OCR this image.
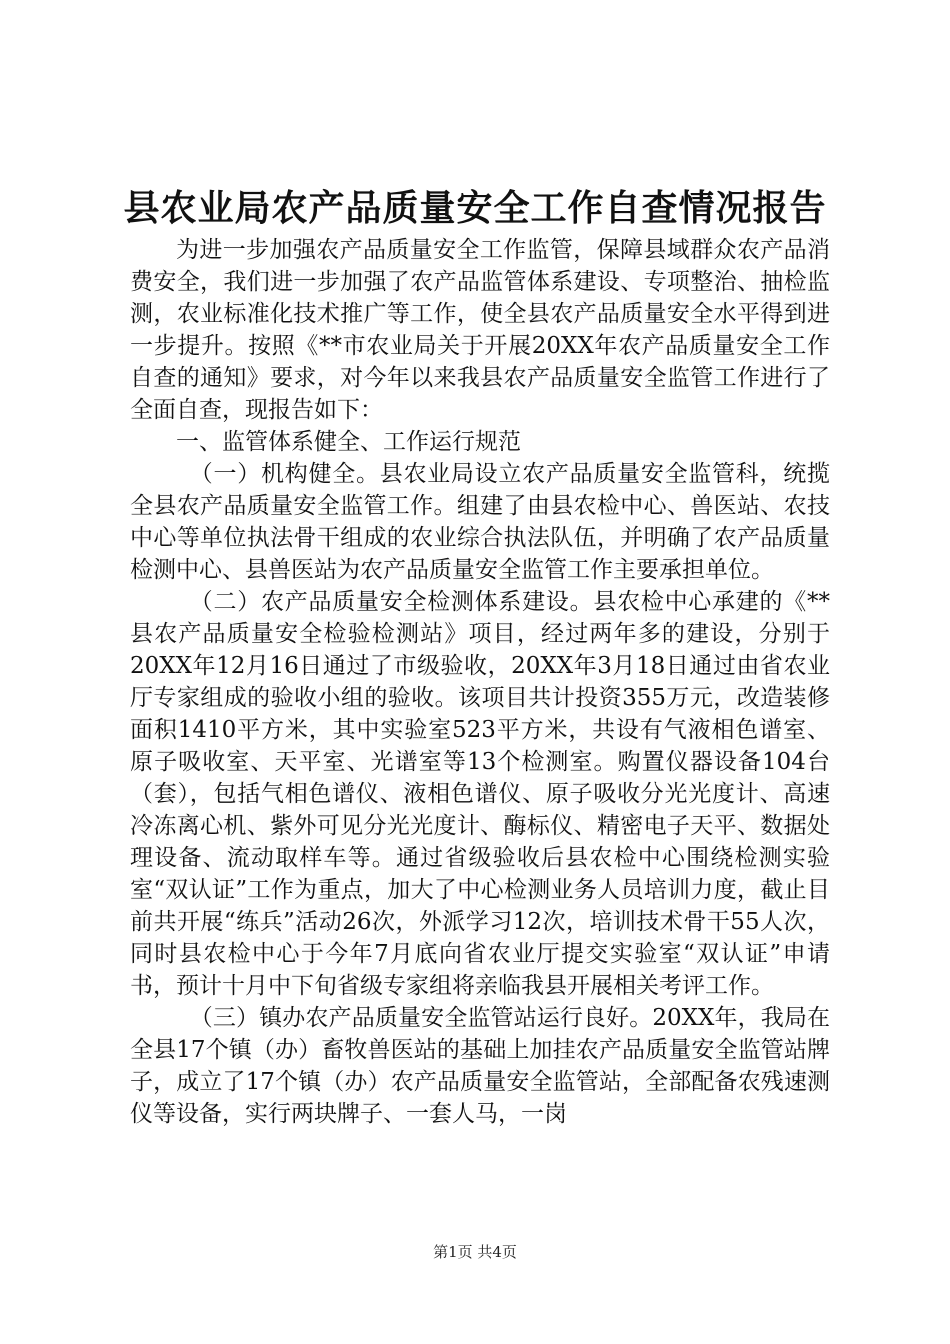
县农业局农产品质量安全工作自查情况报告

为进一步加强农产品质量安全工作监管，保障县域群众农产品消费安全，我们进一步加强了农产品监管体系建设、专项整治、抽检监测，农业标准化技术推广等工作，使全县农产品质量安全水平得到进一步提升。按照《**市农业局关于开展20XX年农产品质量安全工作自查的通知》要求，对今年以来我县农产品质量安全监管工作进行了全面自查，现报告如下：

一、监管体系健全、工作运行规范

（一）机构健全。县农业局设立农产品质量安全监管科，统揽全县农产品质量安全监管工作。组建了由县农检中心、兽医站、农技中心等单位执法骨干组成的农业综合执法队伍，并明确了农产品质量检测中心、县兽医站为农产品质量安全监管工作主要承担单位。

（二）农产品质量安全检测体系建设。县农检中心承建的《**县农产品质量安全检验检测站》项目，经过两年多的建设，分别于20XX年12月16日通过了市级验收，20XX年3月18日通过由省农业厅专家组成的验收小组的验收。该项目共计投资355万元，改造装修面积1410平方米，其中实验室523平方米，共设有气液相色谱室、原子吸收室、天平室、光谱室等13个检测室。购置仪器设备104台（套），包括气相色谱仪、液相色谱仪、原子吸收分光光度计、高速冷冻离心机、紫外可见分光光度计、酶标仪、精密电子天平、数据处理设备、流动取样车等。通过省级验收后县农检中心围绕检测实验室“双认证”工作为重点，加大了中心检测业务人员培训力度，截止目前共开展“练兵”活动26次，外派学习12次，培训技术骨干55人次，同时县农检中心于今年7月底向省农业厅提交实验室“双认证”申请书，预计十月中下旬省级专家组将亲临我县开展相关考评工作。

（三）镇办农产品质量安全监管站运行良好。20XX年，我局在全县17个镇（办）畜牧兽医站的基础上加挂农产品质量安全监管站牌子，成立了17个镇（办）农产品质量安全监管站，全部配备农残速测仪等设备，实行两块牌子、一套人马，一岗

第1页 共4页
